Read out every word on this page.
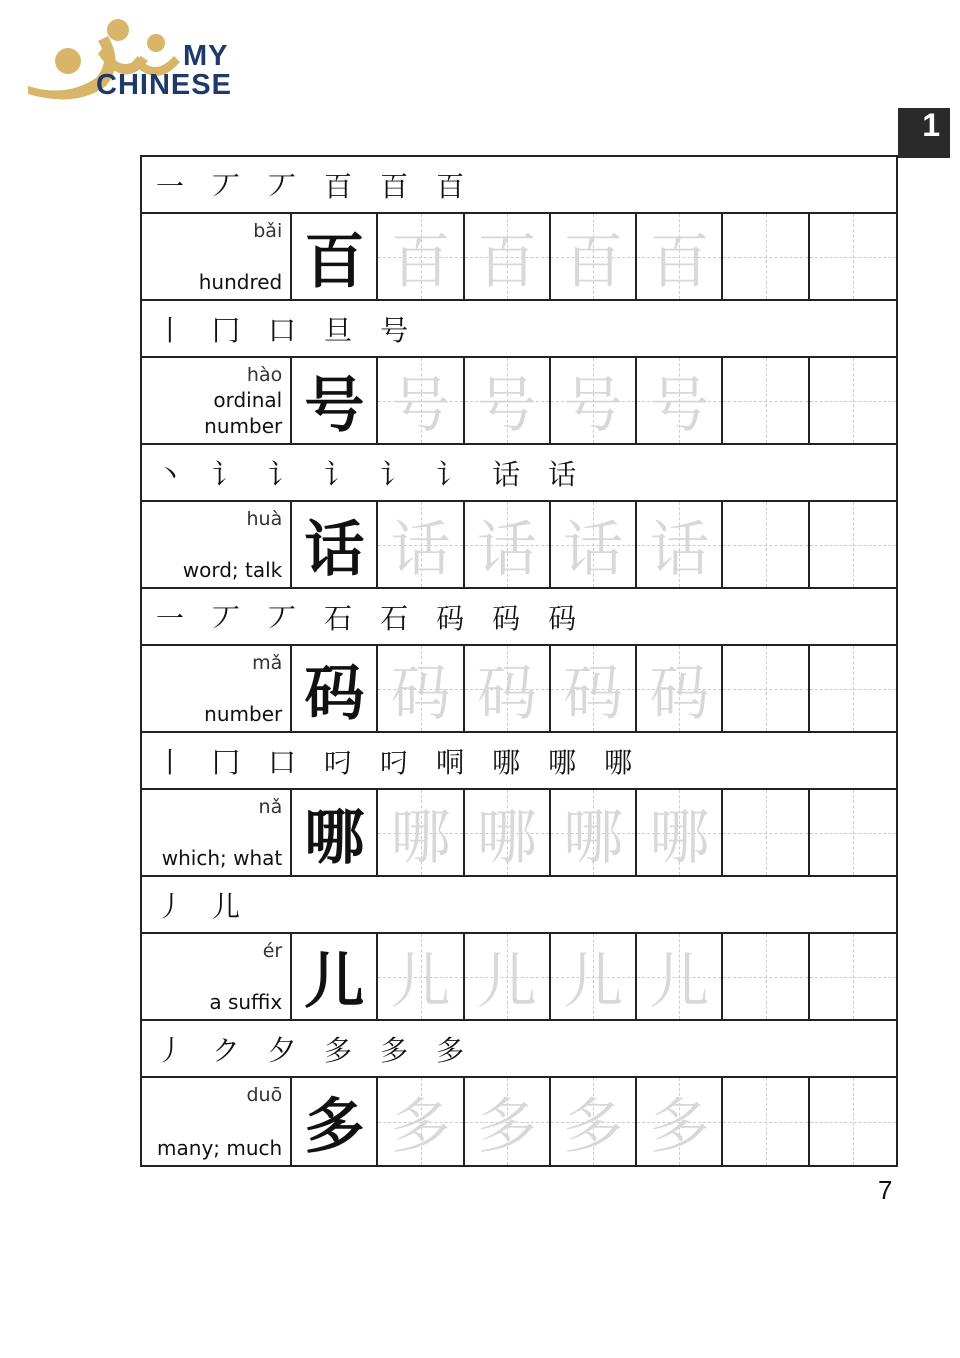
MY
CHINESE
1
一 丆 丆 百 百 百
bǎi
hundred 百 百 百 百 百
丨 冂 口 旦 号
hào
ordinal number 号 号 号 号 号
丶 讠 讠 讠 讠 讠 话 话
huà
word; talk 话 话 话 话 话
一 丆 丆 石 石 码 码 码
mǎ
number 码 码 码 码 码
丨 冂 口 叼 叼 哃 哪 哪 哪
nǎ
which; what 哪 哪 哪 哪 哪
丿 儿
ér
a suffix 儿 儿 儿 儿 儿
丿 ク 夕 多 多 多
duō
many; much 多 多 多 多 多
7
